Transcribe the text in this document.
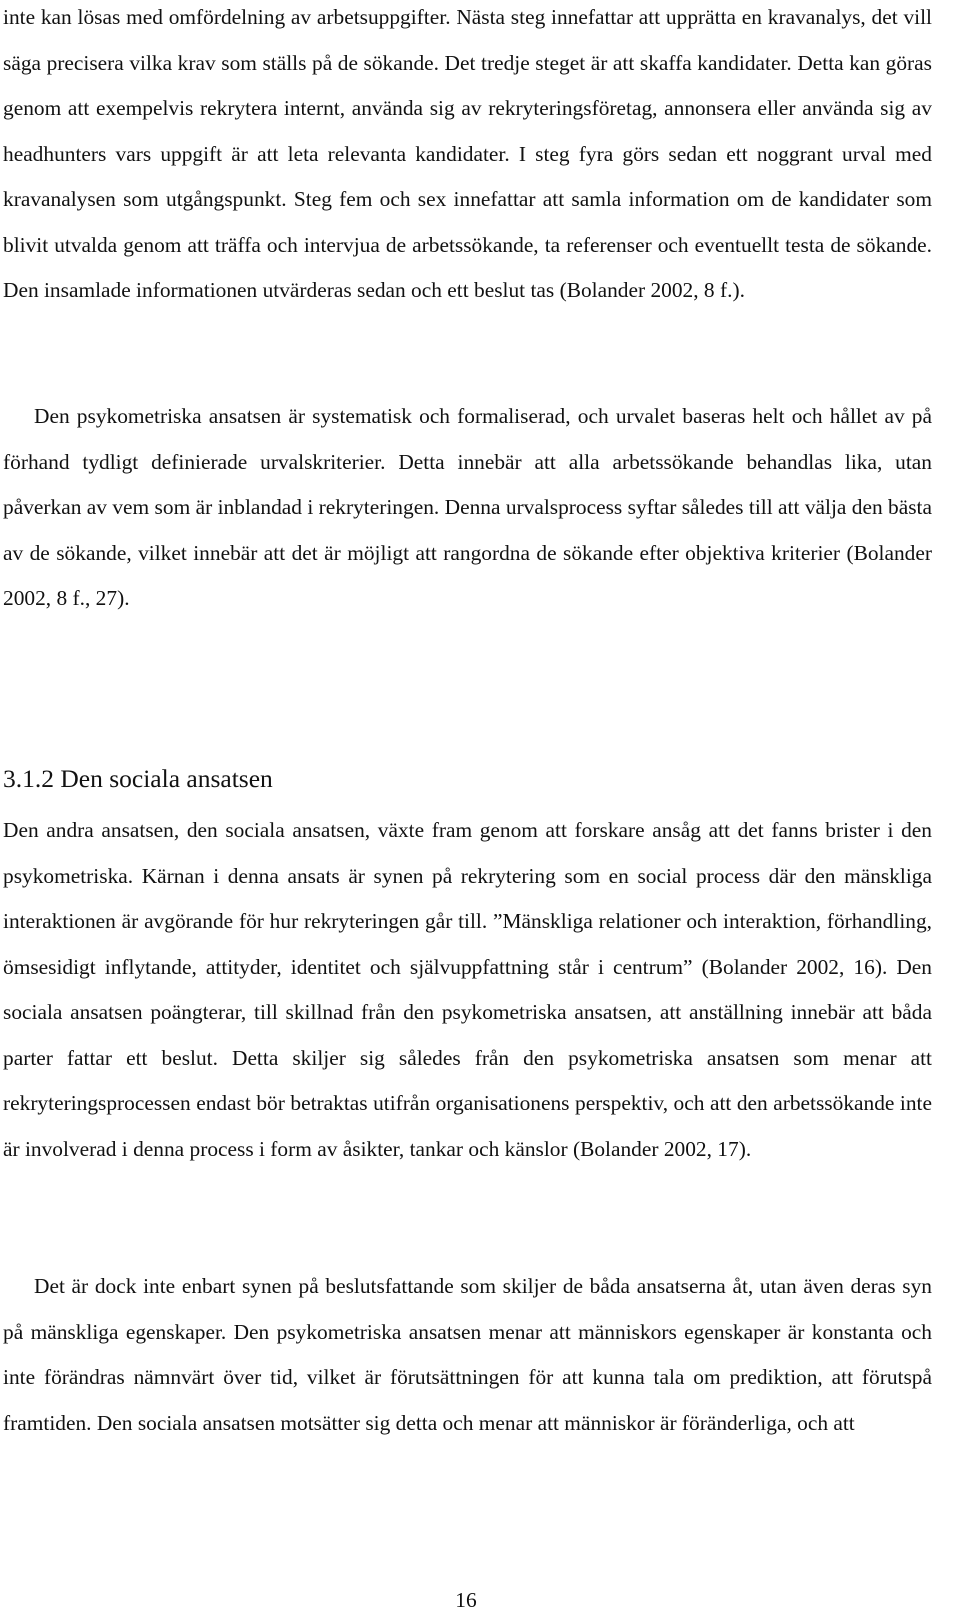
inte kan lösas med omfördelning av arbetsuppgifter. Nästa steg innefattar att upprätta en kravanalys, det vill säga precisera vilka krav som ställs på de sökande. Det tredje steget är att skaffa kandidater. Detta kan göras genom att exempelvis rekrytera internt, använda sig av rekryteringsföretag, annonsera eller använda sig av headhunters vars uppgift är att leta relevanta kandidater. I steg fyra görs sedan ett noggrant urval med kravanalysen som utgångspunkt. Steg fem och sex innefattar att samla information om de kandidater som blivit utvalda genom att träffa och intervjua de arbetssökande, ta referenser och eventuellt testa de sökande. Den insamlade informationen utvärderas sedan och ett beslut tas (Bolander 2002, 8 f.).

Den psykometriska ansatsen är systematisk och formaliserad, och urvalet baseras helt och hållet av på förhand tydligt definierade urvalskriterier. Detta innebär att alla arbetssökande behandlas lika, utan påverkan av vem som är inblandad i rekryteringen. Denna urvalsprocess syftar således till att välja den bästa av de sökande, vilket innebär att det är möjligt att rangordna de sökande efter objektiva kriterier (Bolander 2002, 8 f., 27).

3.1.2 Den sociala ansatsen

Den andra ansatsen, den sociala ansatsen, växte fram genom att forskare ansåg att det fanns brister i den psykometriska. Kärnan i denna ansats är synen på rekrytering som en social process där den mänskliga interaktionen är avgörande för hur rekryteringen går till. ”Mänskliga relationer och interaktion, förhandling, ömsesidigt inflytande, attityder, identitet och självuppfattning står i centrum” (Bolander 2002, 16). Den sociala ansatsen poängterar, till skillnad från den psykometriska ansatsen, att anställning innebär att båda parter fattar ett beslut. Detta skiljer sig således från den psykometriska ansatsen som menar att rekryteringsprocessen endast bör betraktas utifrån organisationens perspektiv, och att den arbetssökande inte är involverad i denna process i form av åsikter, tankar och känslor (Bolander 2002, 17).

Det är dock inte enbart synen på beslutsfattande som skiljer de båda ansatserna åt, utan även deras syn på mänskliga egenskaper. Den psykometriska ansatsen menar att människors egenskaper är konstanta och inte förändras nämnvärt över tid, vilket är förutsättningen för att kunna tala om prediktion, att förutspå framtiden. Den sociala ansatsen motsätter sig detta och menar att människor är föränderliga, och att

16
